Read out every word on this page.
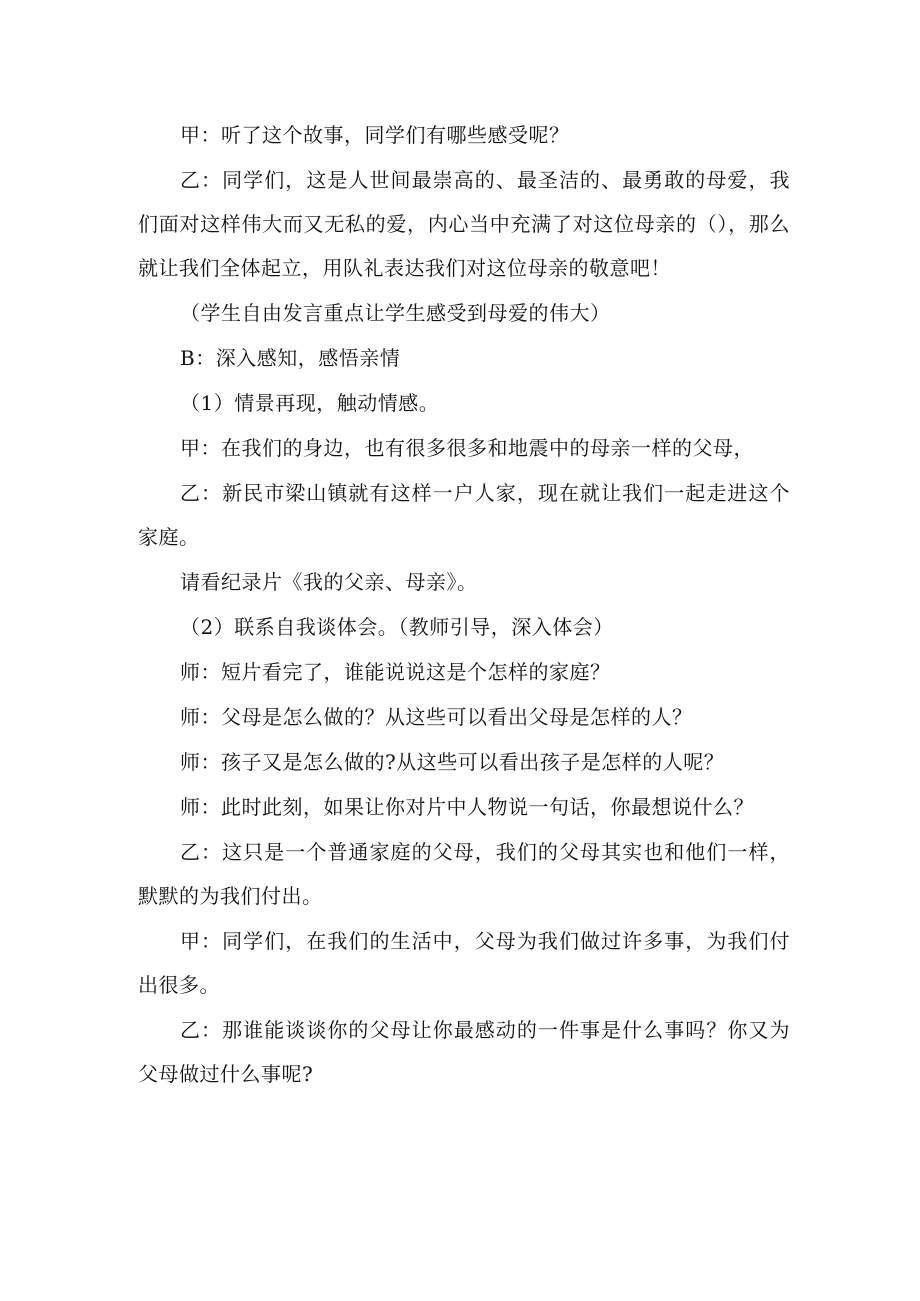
甲：听了这个故事，同学们有哪些感受呢？

乙：同学们，这是人世间最崇高的、最圣洁的、最勇敢的母爱，我们面对这样伟大而又无私的爱，内心当中充满了对这位母亲的（），那么就让我们全体起立，用队礼表达我们对这位母亲的敬意吧！

（学生自由发言重点让学生感受到母爱的伟大）

B：深入感知，感悟亲情

（1）情景再现，触动情感。

甲：在我们的身边，也有很多很多和地震中的母亲一样的父母，

乙：新民市梁山镇就有这样一户人家，现在就让我们一起走进这个家庭。

请看纪录片《我的父亲、母亲》。

（2）联系自我谈体会。（教师引导，深入体会）

师：短片看完了，谁能说说这是个怎样的家庭？

师：父母是怎么做的？从这些可以看出父母是怎样的人？

师：孩子又是怎么做的?从这些可以看出孩子是怎样的人呢？

师：此时此刻，如果让你对片中人物说一句话，你最想说什么？

乙：这只是一个普通家庭的父母，我们的父母其实也和他们一样，默默的为我们付出。

甲：同学们，在我们的生活中，父母为我们做过许多事，为我们付出很多。

乙：那谁能谈谈你的父母让你最感动的一件事是什么事吗？你又为父母做过什么事呢?
